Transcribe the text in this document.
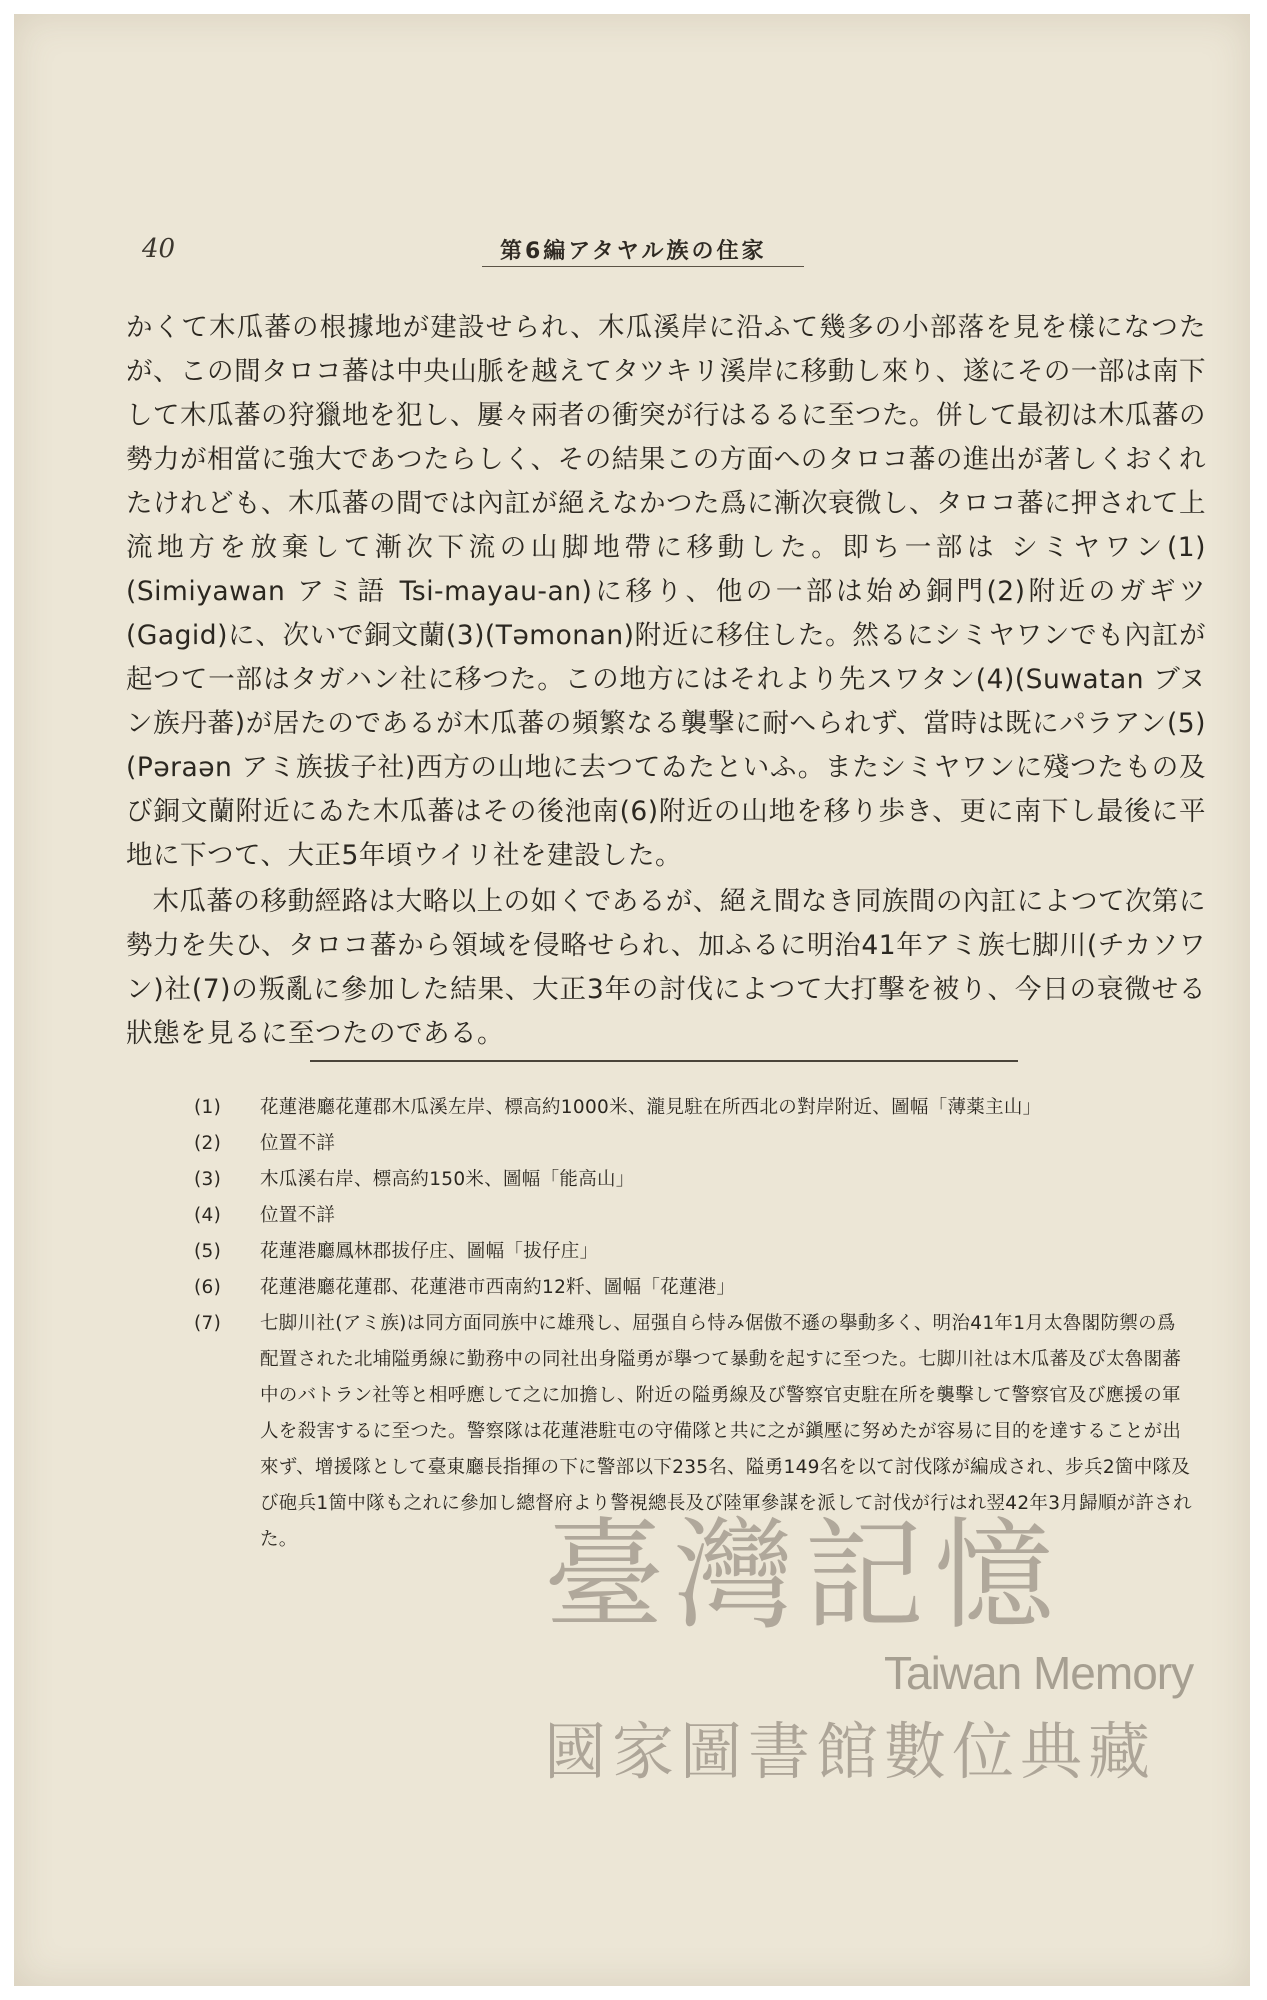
40	第6編アタヤル族の住家

かくて木瓜蕃の根據地が建設せられ、木瓜溪岸に沿ふて幾多の小部落を見を樣になつたが、この間タロコ蕃は中央山脈を越えてタツキリ溪岸に移動し來り、遂にその一部は南下して木瓜蕃の狩獵地を犯し、屢々兩者の衝突が行はるるに至つた。併して最初は木瓜蕃の勢力が相當に強大であつたらしく、その結果この方面へのタロコ蕃の進出が著しくおくれたけれども、木瓜蕃の間では內訌が絕えなかつた爲に漸次衰微し、タロコ蕃に押されて上流地方を放棄して漸次下流の山脚地帶に移動した。即ち一部は シミヤワン(1)(Simiyawan アミ語 Tsi-mayau-an)に移り、他の一部は始め銅門(2)附近のガギツ(Gagid)に、次いで銅文蘭(3)(Tәmonan)附近に移住した。然るにシミヤワンでも內訌が起つて一部はタガハン社に移つた。この地方にはそれより先スワタン(4)(Suwatan ブヌン族丹蕃)が居たのであるが木瓜蕃の頻繁なる襲撃に耐へられず、當時は既にパラアン(5)(Pәraәn アミ族拔子社)西方の山地に去つてゐたといふ。またシミヤワンに殘つたもの及び銅文蘭附近にゐた木瓜蕃はその後池南(6)附近の山地を移り歩き、更に南下し最後に平地に下つて、大正5年頃ウイリ社を建設した。

木瓜蕃の移動經路は大略以上の如くであるが、絕え間なき同族間の內訌によつて次第に勢力を失ひ、タロコ蕃から領域を侵略せられ、加ふるに明治41年アミ族七脚川(チカソワン)社(7)の叛亂に參加した結果、大正3年の討伐によつて大打擊を被り、今日の衰微せる狀態を見るに至つたのである。

(1)	花蓮港廳花蓮郡木瓜溪左岸、標高約1000米、瀧見駐在所西北の對岸附近、圖幅「薄薬主山」
(2)	位置不詳
(3)	木瓜溪右岸、標高約150米、圖幅「能高山」
(4)	位置不詳
(5)	花蓮港廳鳳林郡拔仔庄、圖幅「拔仔庄」
(6)	花蓮港廳花蓮郡、花蓮港市西南約12粁、圖幅「花蓮港」
(7)	七脚川社(アミ族)は同方面同族中に雄飛し、屈强自ら恃み倨傲不遜の擧動多く、明治41年1月太魯閣防禦の爲配置された北埔隘勇線に勤務中の同社出身隘勇が擧つて暴動を起すに至つた。七脚川社は木瓜蕃及び太魯閣蕃中のバトラン社等と相呼應して之に加擔し、附近の隘勇線及び警察官吏駐在所を襲擊して警察官及び應援の軍人を殺害するに至つた。警察隊は花蓮港駐屯の守備隊と共に之が鎭壓に努めたが容易に目的を達することが出來ず、增援隊として臺東廳長指揮の下に警部以下235名、隘勇149名を以て討伐隊が編成され、步兵2箇中隊及び砲兵1箇中隊も之れに參加し總督府より警視總長及び陸軍參謀を派して討伐が行はれ翌42年3月歸順が許された。	臺灣記憶
Taiwan Memory
國家圖書館數位典藏
